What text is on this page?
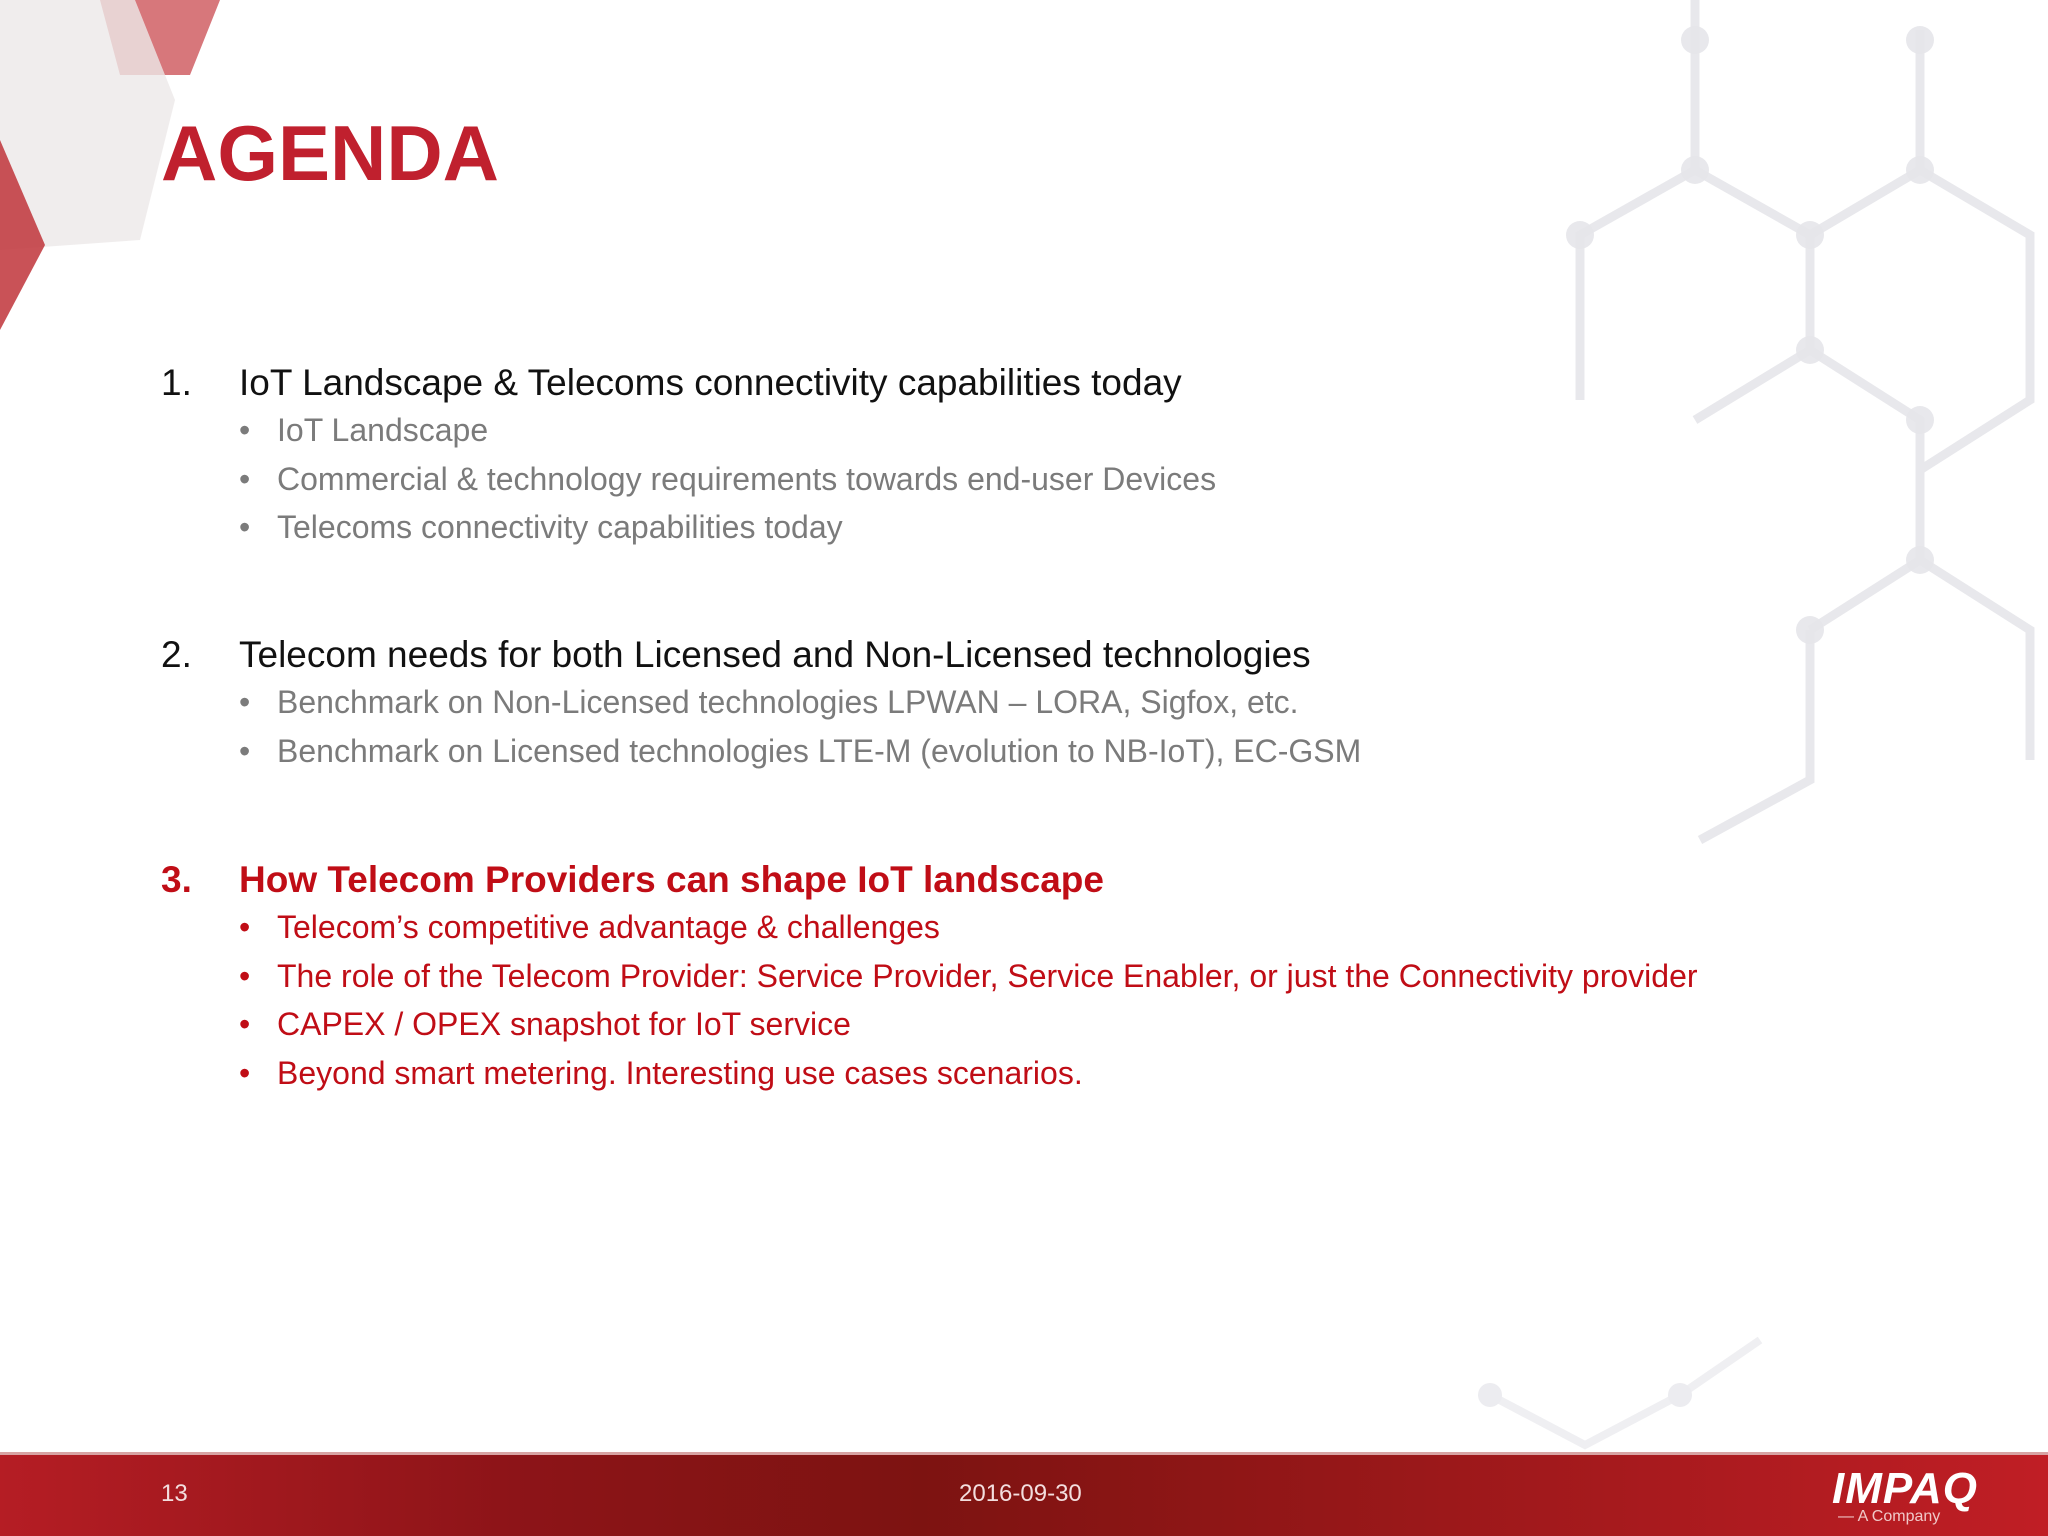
AGENDA
1. IoT Landscape & Telecoms connectivity capabilities today
• IoT Landscape
• Commercial & technology requirements towards end-user Devices
• Telecoms connectivity capabilities today
2. Telecom needs for both Licensed and Non-Licensed technologies
• Benchmark on Non-Licensed technologies LPWAN – LORA, Sigfox, etc.
• Benchmark on Licensed technologies LTE-M (evolution to NB-IoT), EC-GSM
3. How Telecom Providers can shape IoT landscape
• Telecom’s competitive advantage & challenges
• The role of the Telecom Provider: Service Provider, Service Enabler, or just the Connectivity provider
• CAPEX / OPEX snapshot for IoT service
• Beyond smart metering. Interesting use cases scenarios.
13	2016-09-30	IMPAQ
— A Company
